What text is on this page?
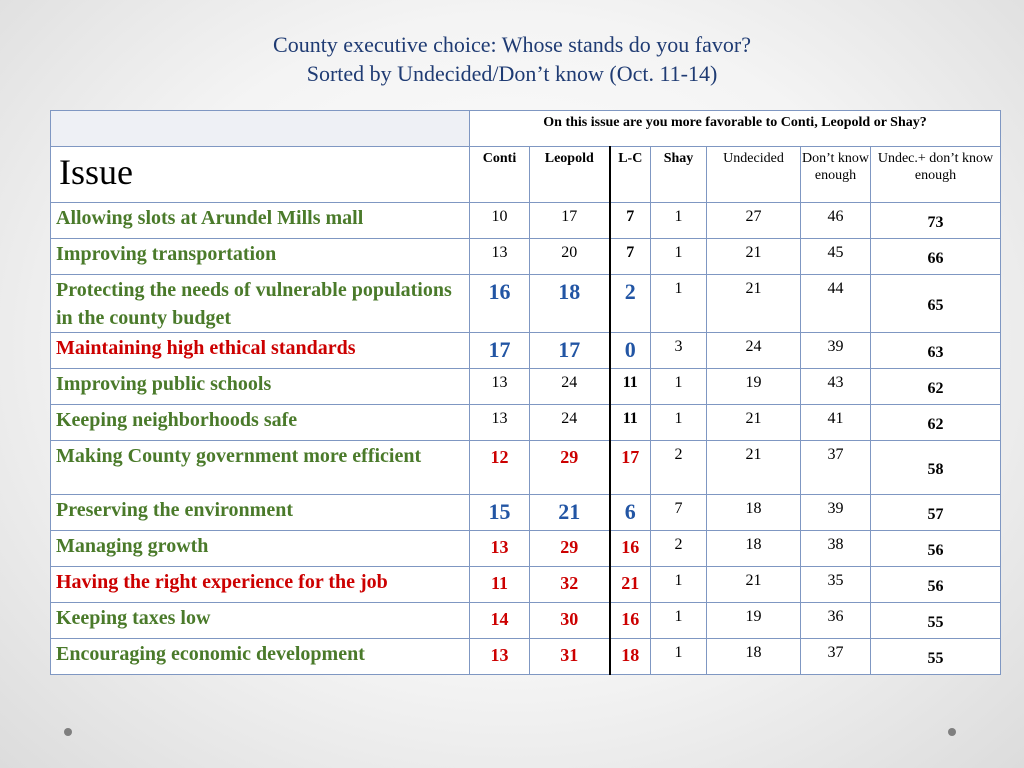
County executive choice: Whose stands do you favor?
Sorted by Undecided/Don’t know (Oct. 11-14)
	On this issue are you more favorable to Conti, Leopold or Shay?						
Issue	Conti	Leopold	L-C	Shay	Undecided	Don’t know enough	Undec.+ don’t know enough
Allowing slots at Arundel Mills mall	10	17	7	1	27	46	73
Improving transportation	13	20	7	1	21	45	66
Protecting the needs of vulnerable populations in the county budget	16	18	2	1	21	44	65
Maintaining high ethical standards	17	17	0	3	24	39	63
Improving public schools	13	24	11	1	19	43	62
Keeping neighborhoods safe	13	24	11	1	21	41	62
Making County government more efficient	12	29	17	2	21	37	58
Preserving the environment	15	21	6	7	18	39	57
Managing growth	13	29	16	2	18	38	56
Having the right experience for the job	11	32	21	1	21	35	56
Keeping taxes low	14	30	16	1	19	36	55
Encouraging economic development	13	31	18	1	18	37	55
